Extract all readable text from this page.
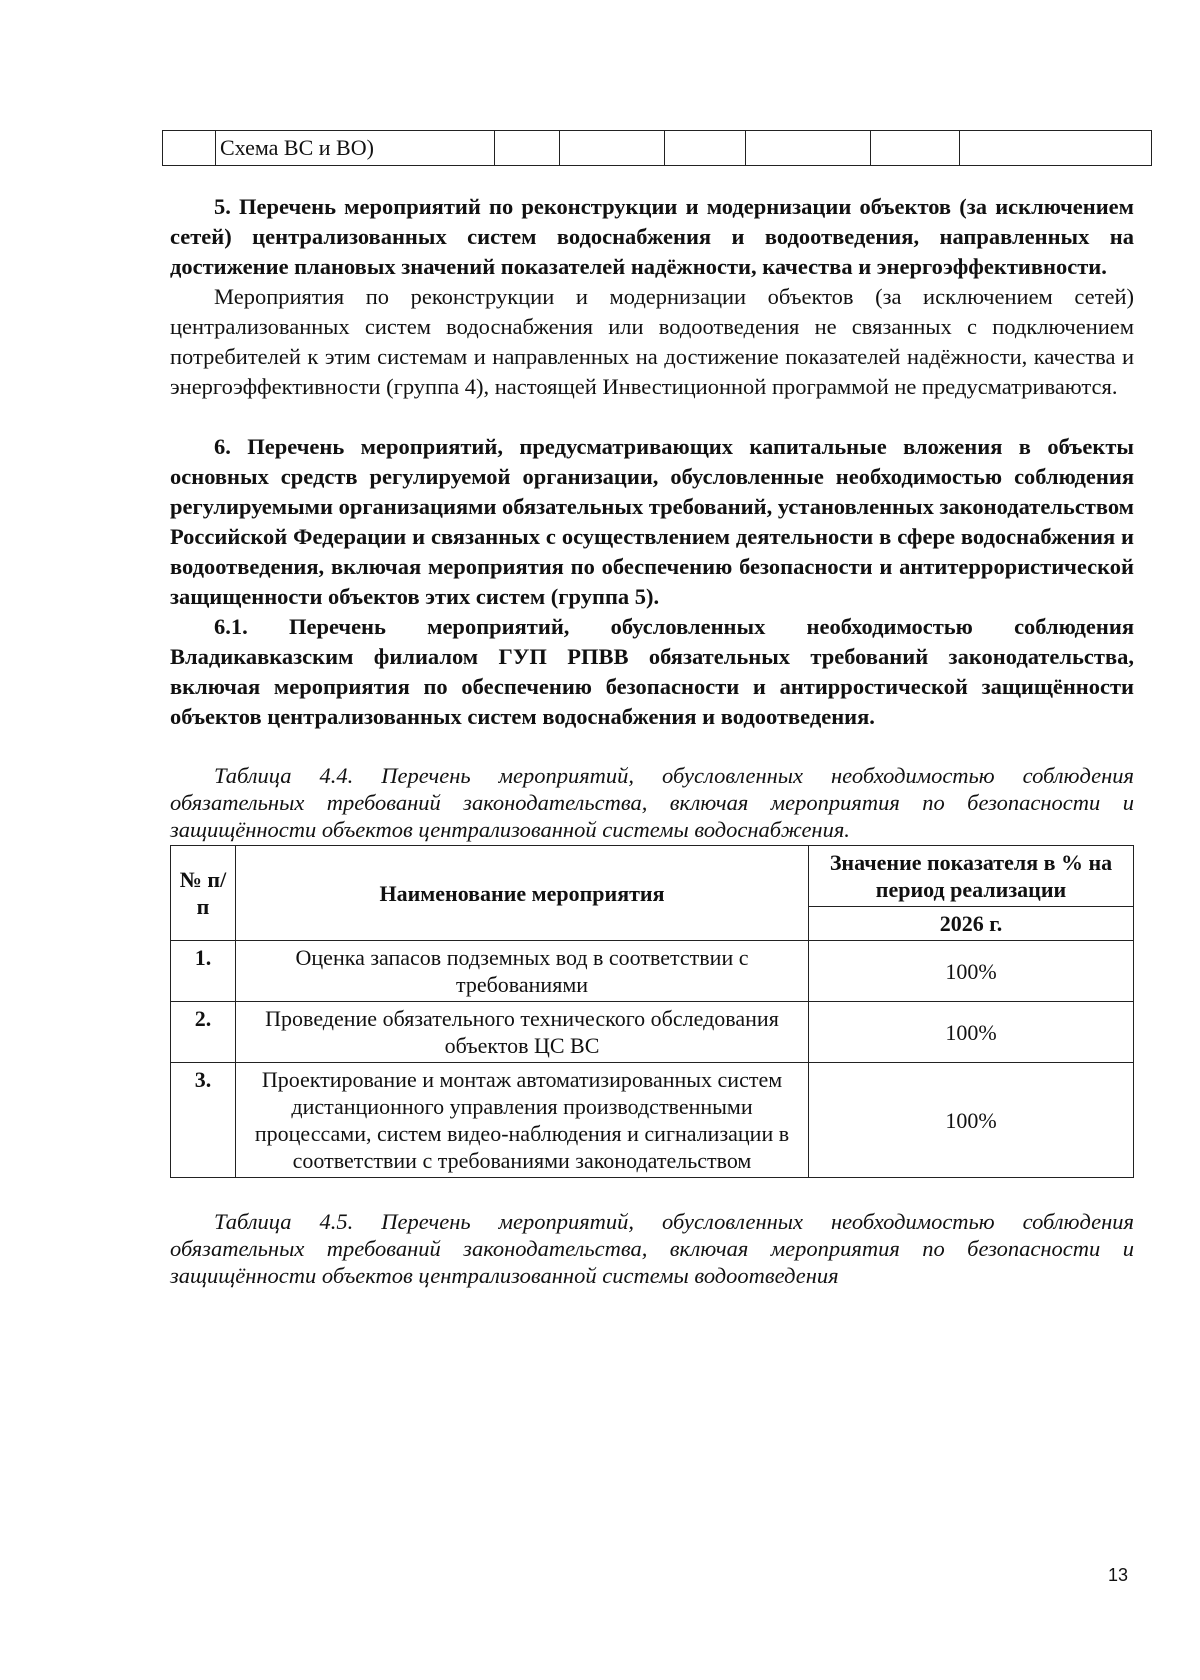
	Схема ВС и ВО)						

5. Перечень мероприятий по реконструкции и модернизации объектов (за исключением сетей) централизованных систем водоснабжения и водоотведения, направленных на достижение плановых значений показателей надёжности, качества и энергоэффективности.

Мероприятия по реконструкции и модернизации объектов (за исключением сетей) централизованных систем водоснабжения или водоотведения не связанных с подключением потребителей к этим системам и направленных на достижение показателей надёжности, качества и энергоэффективности (группа 4), настоящей Инвестиционной программой не предусматриваются.

6. Перечень мероприятий, предусматривающих капитальные вложения в объекты основных средств регулируемой организации, обусловленные необходимостью соблюдения регулируемыми организациями обязательных требований, установленных законодательством Российской Федерации и связанных с осуществлением деятельности в сфере водоснабжения и водоотведения, включая мероприятия по обеспечению безопасности и антитеррористической защищенности объектов этих систем (группа 5).

6.1. Перечень мероприятий, обусловленных необходимостью соблюдения Владикавказским филиалом ГУП РПВВ обязательных требований законодательства, включая мероприятия по обеспечению безопасности и антирростической защищённости объектов централизованных систем водоснабжения и водоотведения.

Таблица 4.4. Перечень мероприятий, обусловленных необходимостью соблюдения обязательных требований законодательства, включая мероприятия по безопасности и защищённости объектов централизованной системы водоснабжения.

№ п/п	Наименование мероприятия	Значение показателя в % на период реализации
		2026 г.
1.	Оценка запасов подземных вод в соответствии с требованиями	100%
2.	Проведение обязательного технического обследования объектов ЦС ВС	100%
3.	Проектирование и монтаж автоматизированных систем дистанционного управления производственными процессами, систем видео-наблюдения и сигнализации в соответствии с требованиями законодательством	100%

Таблица 4.5. Перечень мероприятий, обусловленных необходимостью соблюдения обязательных требований законодательства, включая мероприятия по безопасности и защищённости объектов централизованной системы водоотведения

13
